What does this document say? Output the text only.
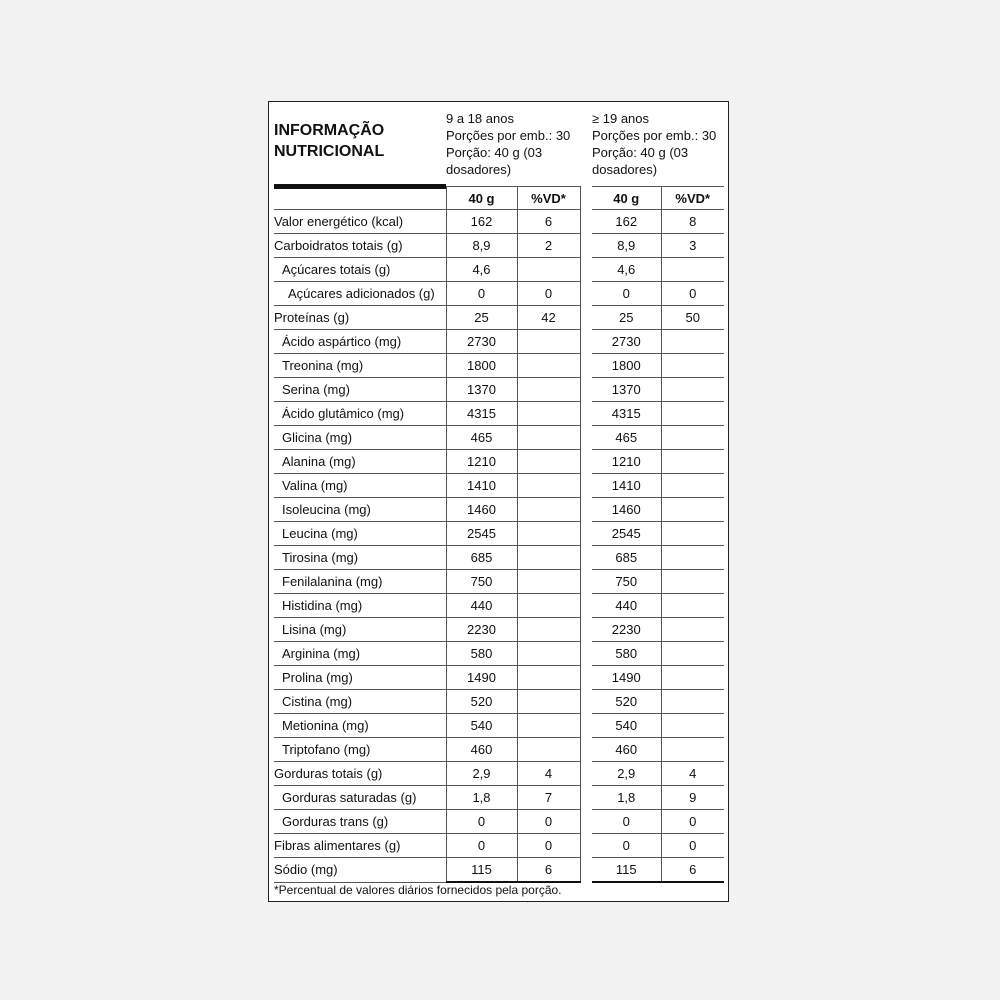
INFORMAÇÃO
NUTRICIONAL
9 a 18 anos
Porções por emb.: 30
Porção: 40 g (03
dosadores)
≥ 19 anos
Porções por emb.: 30
Porção: 40 g (03
dosadores)
	40 g	%VD*		40 g	%VD*
Valor energético (kcal)	162	6		162	8
Carboidratos totais (g)	8,9	2		8,9	3
Açúcares totais (g)	4,6			4,6	
Açúcares adicionados (g)	0	0		0	0
Proteínas (g)	25	42		25	50
Ácido aspártico (mg)	2730			2730	
Treonina (mg)	1800			1800	
Serina (mg)	1370			1370	
Ácido glutâmico (mg)	4315			4315	
Glicina (mg)	465			465	
Alanina (mg)	1210			1210	
Valina (mg)	1410			1410	
Isoleucina (mg)	1460			1460	
Leucina (mg)	2545			2545	
Tirosina (mg)	685			685	
Fenilalanina (mg)	750			750	
Histidina (mg)	440			440	
Lisina (mg)	2230			2230	
Arginina (mg)	580			580	
Prolina (mg)	1490			1490	
Cistina (mg)	520			520	
Metionina (mg)	540			540	
Triptofano (mg)	460			460	
Gorduras totais (g)	2,9	4		2,9	4
Gorduras saturadas (g)	1,8	7		1,8	9
Gorduras trans (g)	0	0		0	0
Fibras alimentares (g)	0	0		0	0
Sódio (mg)	115	6		115	6
*Percentual de valores diários fornecidos pela porção.
